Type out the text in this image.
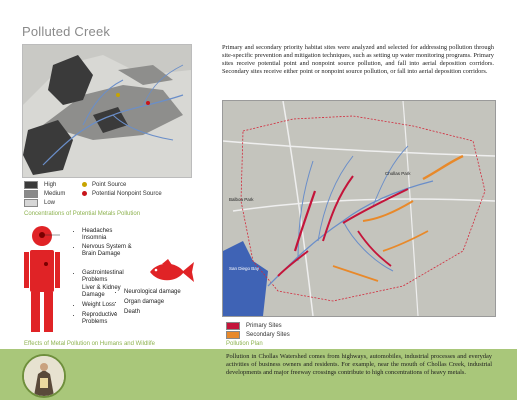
Polluted Creek
High
Medium
Low
Point Source
Potential Nonpoint Source
Concentrations of Potential Metals Pollution
• Headaches
Insomnia
• Nervous System & Brain Damage
• Gastrointestinal Problems
Liver & Kidney Damage
• Weight Loss
• Reproductive Problems
• Neurological damage
• Organ damage
• Death
Effects of Metal Pollution on Humans and Wildlife
Primary and secondary priority habitat sites were analyzed and selected for addressing pollution through site-specific prevention and mitigation techniques, such as setting up water monitoring programs. Primary sites receive potential point and nonpoint source pollution, and fall into aerial deposition corridors. Secondary sites receive either point or nonpoint source pollution, or fall into aerial deposition corridors.
Balboa Park
Chollas Park
San Diego Bay
Primary Sites
Secondary Sites
Pollution Plan
Pollution in Chollas Watershed comes from highways, automobiles, industrial processes and everyday activities of business owners and residents. For example, near the mouth of Chollas Creek, industrial developments and major freeway crossings contribute to high concentrations of heavy metals.
